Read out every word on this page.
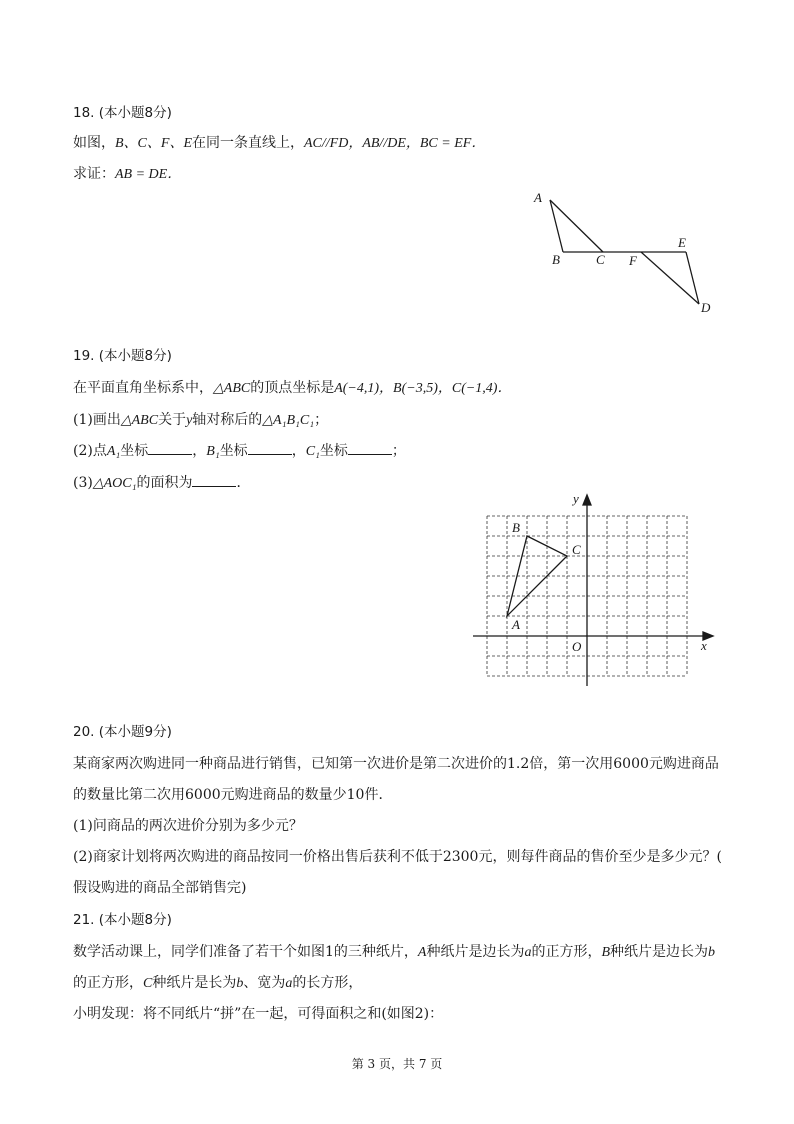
18. (本小题8分)
如图，B、C、F、E在同一条直线上，AC//FD，AB//DE，BC = EF．
求证：AB = DE．
A
B	C F
E
D
19. (本小题8分)
在平面直角坐标系中，△ABC的顶点坐标是A(−4,1)，B(−3,5)，C(−1,4)．
(1)画出△ABC关于y轴对称后的△A₁B₁C₁；
(2)点A₁坐标	，B₁坐标	，C₁坐标	；
(3)△AOC₁的面积为	．
y
x
O
A
B
C
20. (本小题9分)
某商家两次购进同一种商品进行销售，已知第一次进价是第二次进价的1.2倍，第一次用6000元购进商品
的数量比第二次用6000元购进商品的数量少10件．
(1)问商品的两次进价分别为多少元？
(2)商家计划将两次购进的商品按同一价格出售后获利不低于2300元，则每件商品的售价至少是多少元？(
假设购进的商品全部销售完)
21. (本小题8分)
数学活动课上，同学们准备了若干个如图1的三种纸片，A种纸片是边长为a的正方形，B种纸片是边长为b
的正方形，C种纸片是长为b、宽为a的长方形，
小明发现：将不同纸片“拼”在一起，可得面积之和(如图2)：
第 3 页，共 7 页
